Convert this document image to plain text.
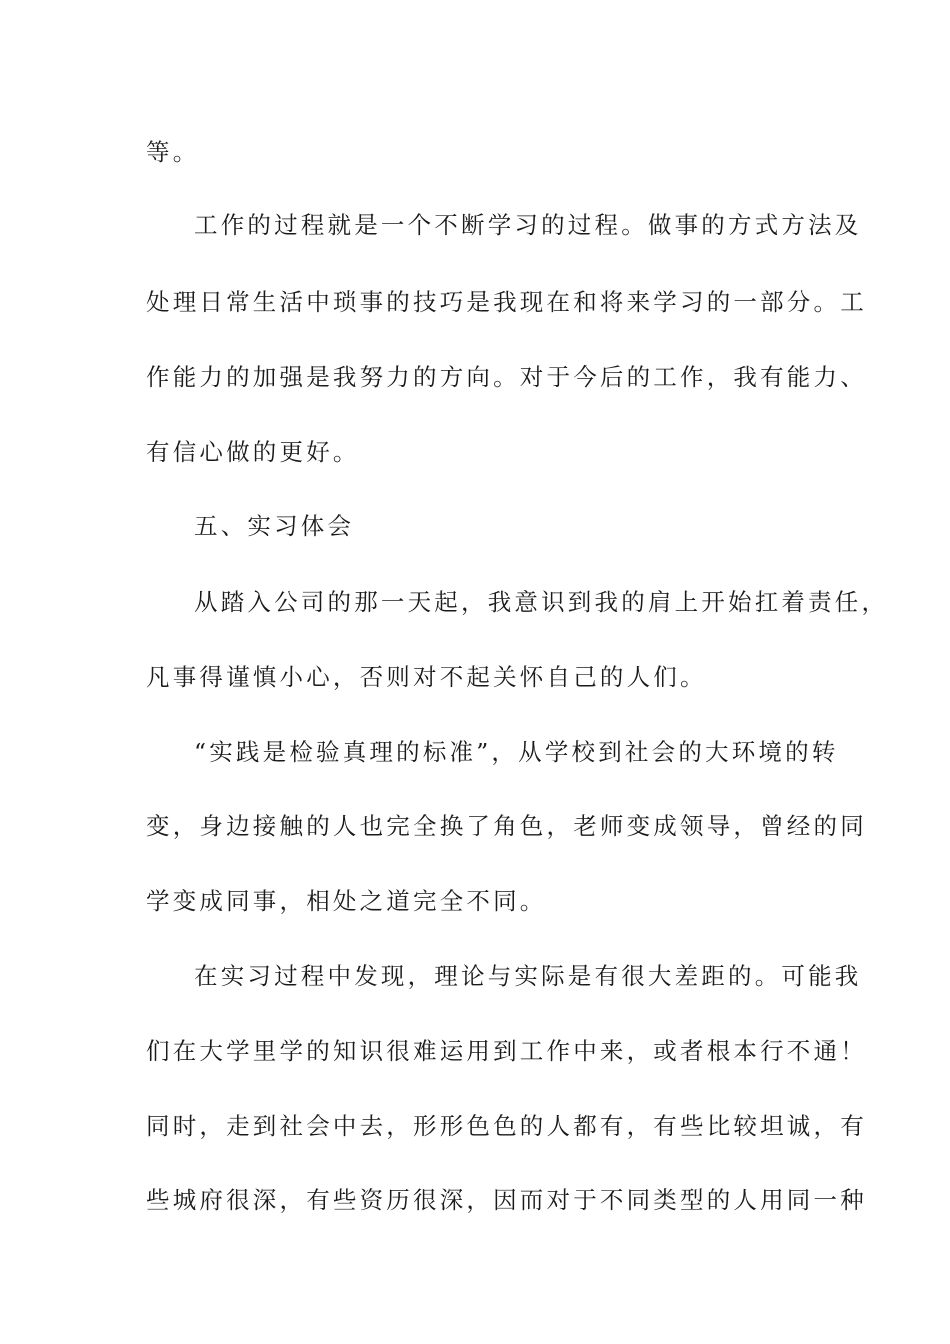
等。
工作的过程就是一个不断学习的过程。做事的方式方法及
处理日常生活中琐事的技巧是我现在和将来学习的一部分。工
作能力的加强是我努力的方向。对于今后的工作，我有能力、
有信心做的更好。
五、实习体会
从踏入公司的那一天起，我意识到我的肩上开始扛着责任，
凡事得谨慎小心，否则对不起关怀自己的人们。
“实践是检验真理的标准”，从学校到社会的大环境的转
变，身边接触的人也完全换了角色，老师变成领导，曾经的同
学变成同事，相处之道完全不同。
在实习过程中发现，理论与实际是有很大差距的。可能我
们在大学里学的知识很难运用到工作中来，或者根本行不通！
同时，走到社会中去，形形色色的人都有，有些比较坦诚，有
些城府很深，有些资历很深，因而对于不同类型的人用同一种
